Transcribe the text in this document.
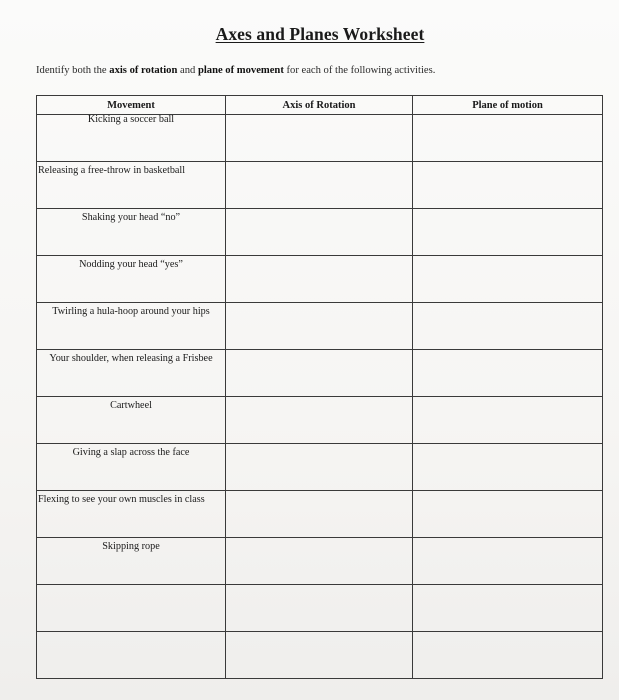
Axes and Planes Worksheet
Identify both the axis of rotation and plane of movement for each of the following activities.
Movement	Axis of Rotation	Plane of motion

Kicking a soccer ball		

Releasing a free-throw in basketball		

Shaking your head “no”		

Nodding your head “yes”		

Twirling a hula-hoop around your hips		

Your shoulder, when releasing a Frisbee		

Cartwheel		

Giving a slap across the face		

Flexing to see your own muscles in class		

Skipping rope		
